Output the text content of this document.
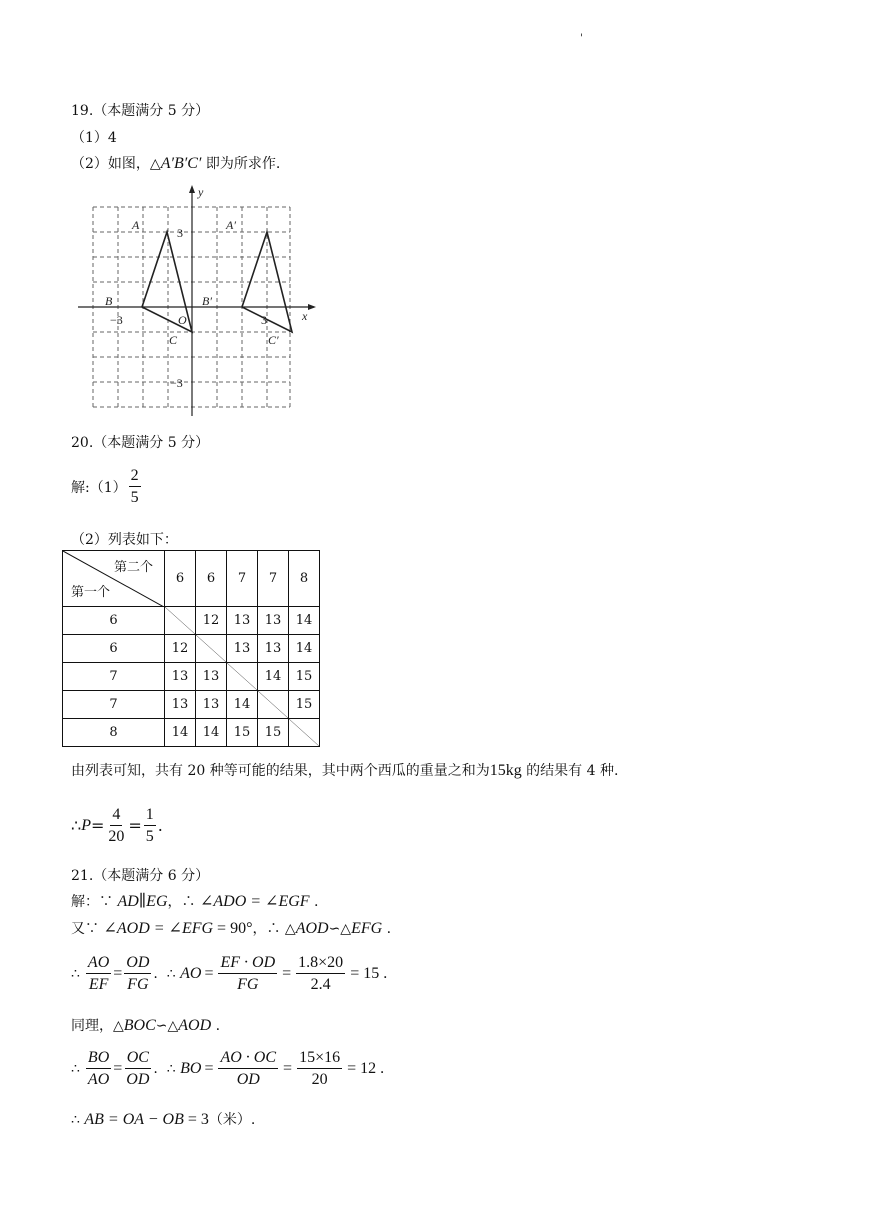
'
19.（本题满分 5 分）
（1）4
（2）如图，△A′B′C′ 即为所求作.
x
y
O
A
B
C
A′
B′
C′
3
−3	3
−3
20.（本题满分 5 分）
解:（1） $\frac{2}{5}$
（2）列表如下：
第二个
第一个	6	6	7	7	8
6		12	13	13	14
6	12		13	13	14
7	13	13		14	15
7	13	13	14		15
8	14	14	15	15	
由列表可知，共有 20 种等可能的结果，其中两个西瓜的重量之和为15kg 的结果有 4 种.
∴ $P = \frac{4}{20} = \frac{1}{5}$ .
21.（本题满分 6 分）
解：∵ AD∥EG，∴ ∠ADO = ∠EGF .
又∵ ∠AOD = ∠EFG = 90°，∴ △AOD∽△EFG .
∴ $\frac{AO}{EF} = \frac{OD}{FG}$ .  ∴ AO = $\frac{EF \cdot OD}{FG} = \frac{1.8\times 20}{2.4} = 15$ .
同理，△BOC∽△AOD .
∴ $\frac{BO}{AO} = \frac{OC}{OD}$ .  ∴ BO = $\frac{AO \cdot OC}{OD} = \frac{15\times 16}{20} = 12$ .
∴ AB = OA − OB = 3（米）.
